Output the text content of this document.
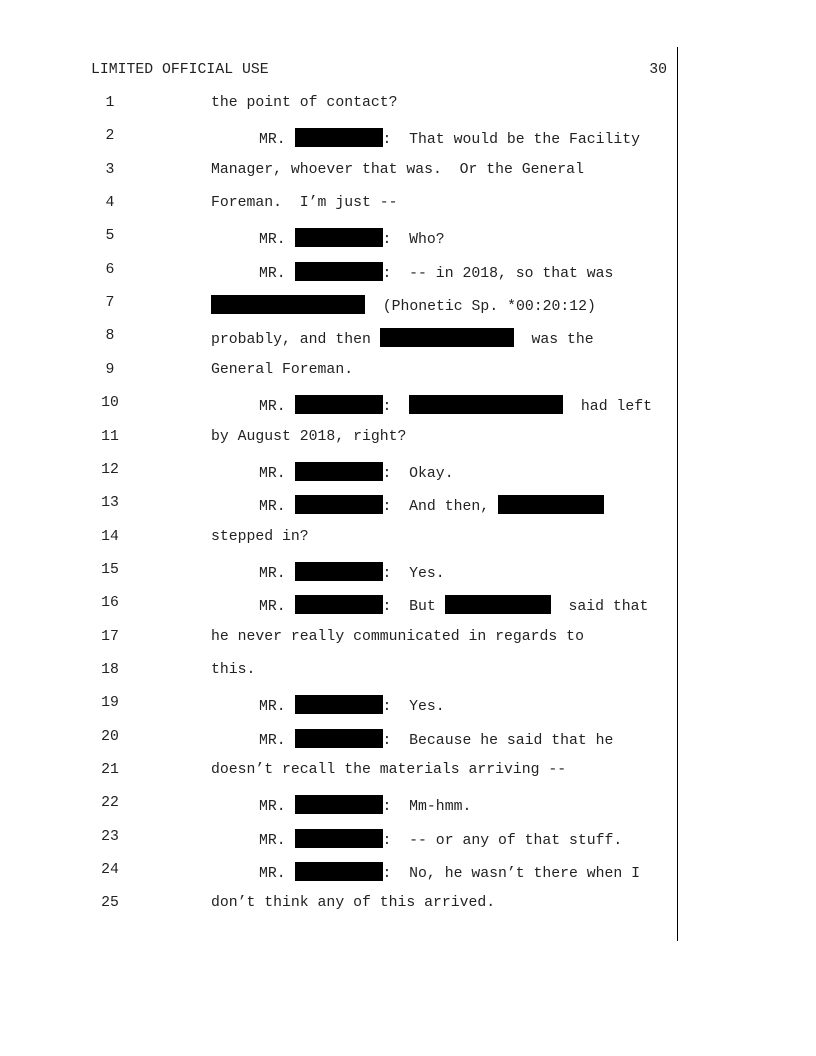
LIMITED OFFICIAL USE	30
1	the point of contact?
2	MR.	:  That would be the Facility
3	Manager, whoever that was.  Or the General
4	Foreman.  I’m just --
5	MR.	:  Who?
6	MR.	:  -- in 2018, so that was
7	(Phonetic Sp. *00:20:12)
8	probably, and then	was the
9	General Foreman.
10	MR.	:	had left
11	by August 2018, right?
12	MR.	:  Okay.
13	MR.	:  And then,
14	stepped in?
15	MR.	:  Yes.
16	MR.	:  But	said that
17	he never really communicated in regards to
18	this.
19	MR.	:  Yes.
20	MR.	:  Because he said that he
21	doesn’t recall the materials arriving --
22	MR.	:  Mm-hmm.
23	MR.	:  -- or any of that stuff.
24	MR.	:  No, he wasn’t there when I
25	don’t think any of this arrived.
